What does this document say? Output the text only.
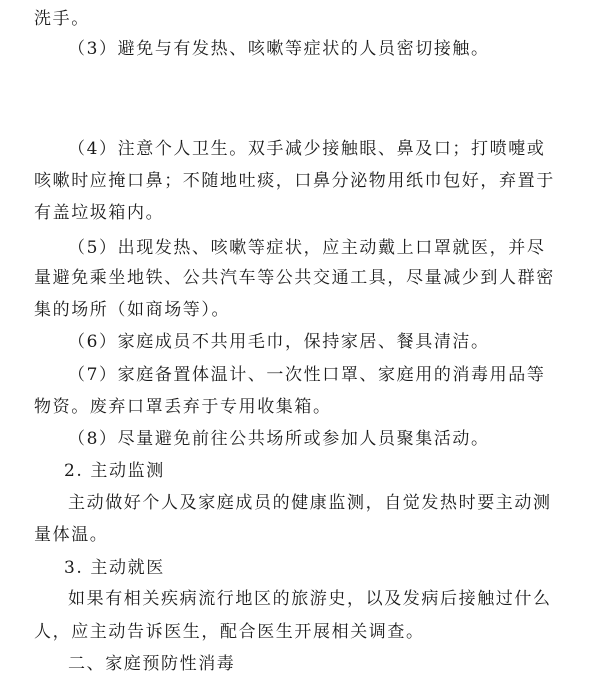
洗手。
（3）避免与有发热、咳嗽等症状的人员密切接触。
（4）注意个人卫生。双手减少接触眼、鼻及口；打喷嚏或
咳嗽时应掩口鼻；不随地吐痰，口鼻分泌物用纸巾包好，弃置于
有盖垃圾箱内。
（5）出现发热、咳嗽等症状，应主动戴上口罩就医，并尽
量避免乘坐地铁、公共汽车等公共交通工具，尽量减少到人群密
集的场所（如商场等）。
（6）家庭成员不共用毛巾，保持家居、餐具清洁。
（7）家庭备置体温计、一次性口罩、家庭用的消毒用品等
物资。废弃口罩丢弃于专用收集箱。
（8）尽量避免前往公共场所或参加人员聚集活动。
2. 主动监测
主动做好个人及家庭成员的健康监测，自觉发热时要主动测
量体温。
3. 主动就医
如果有相关疾病流行地区的旅游史，以及发病后接触过什么
人，应主动告诉医生，配合医生开展相关调查。
二、家庭预防性消毒
